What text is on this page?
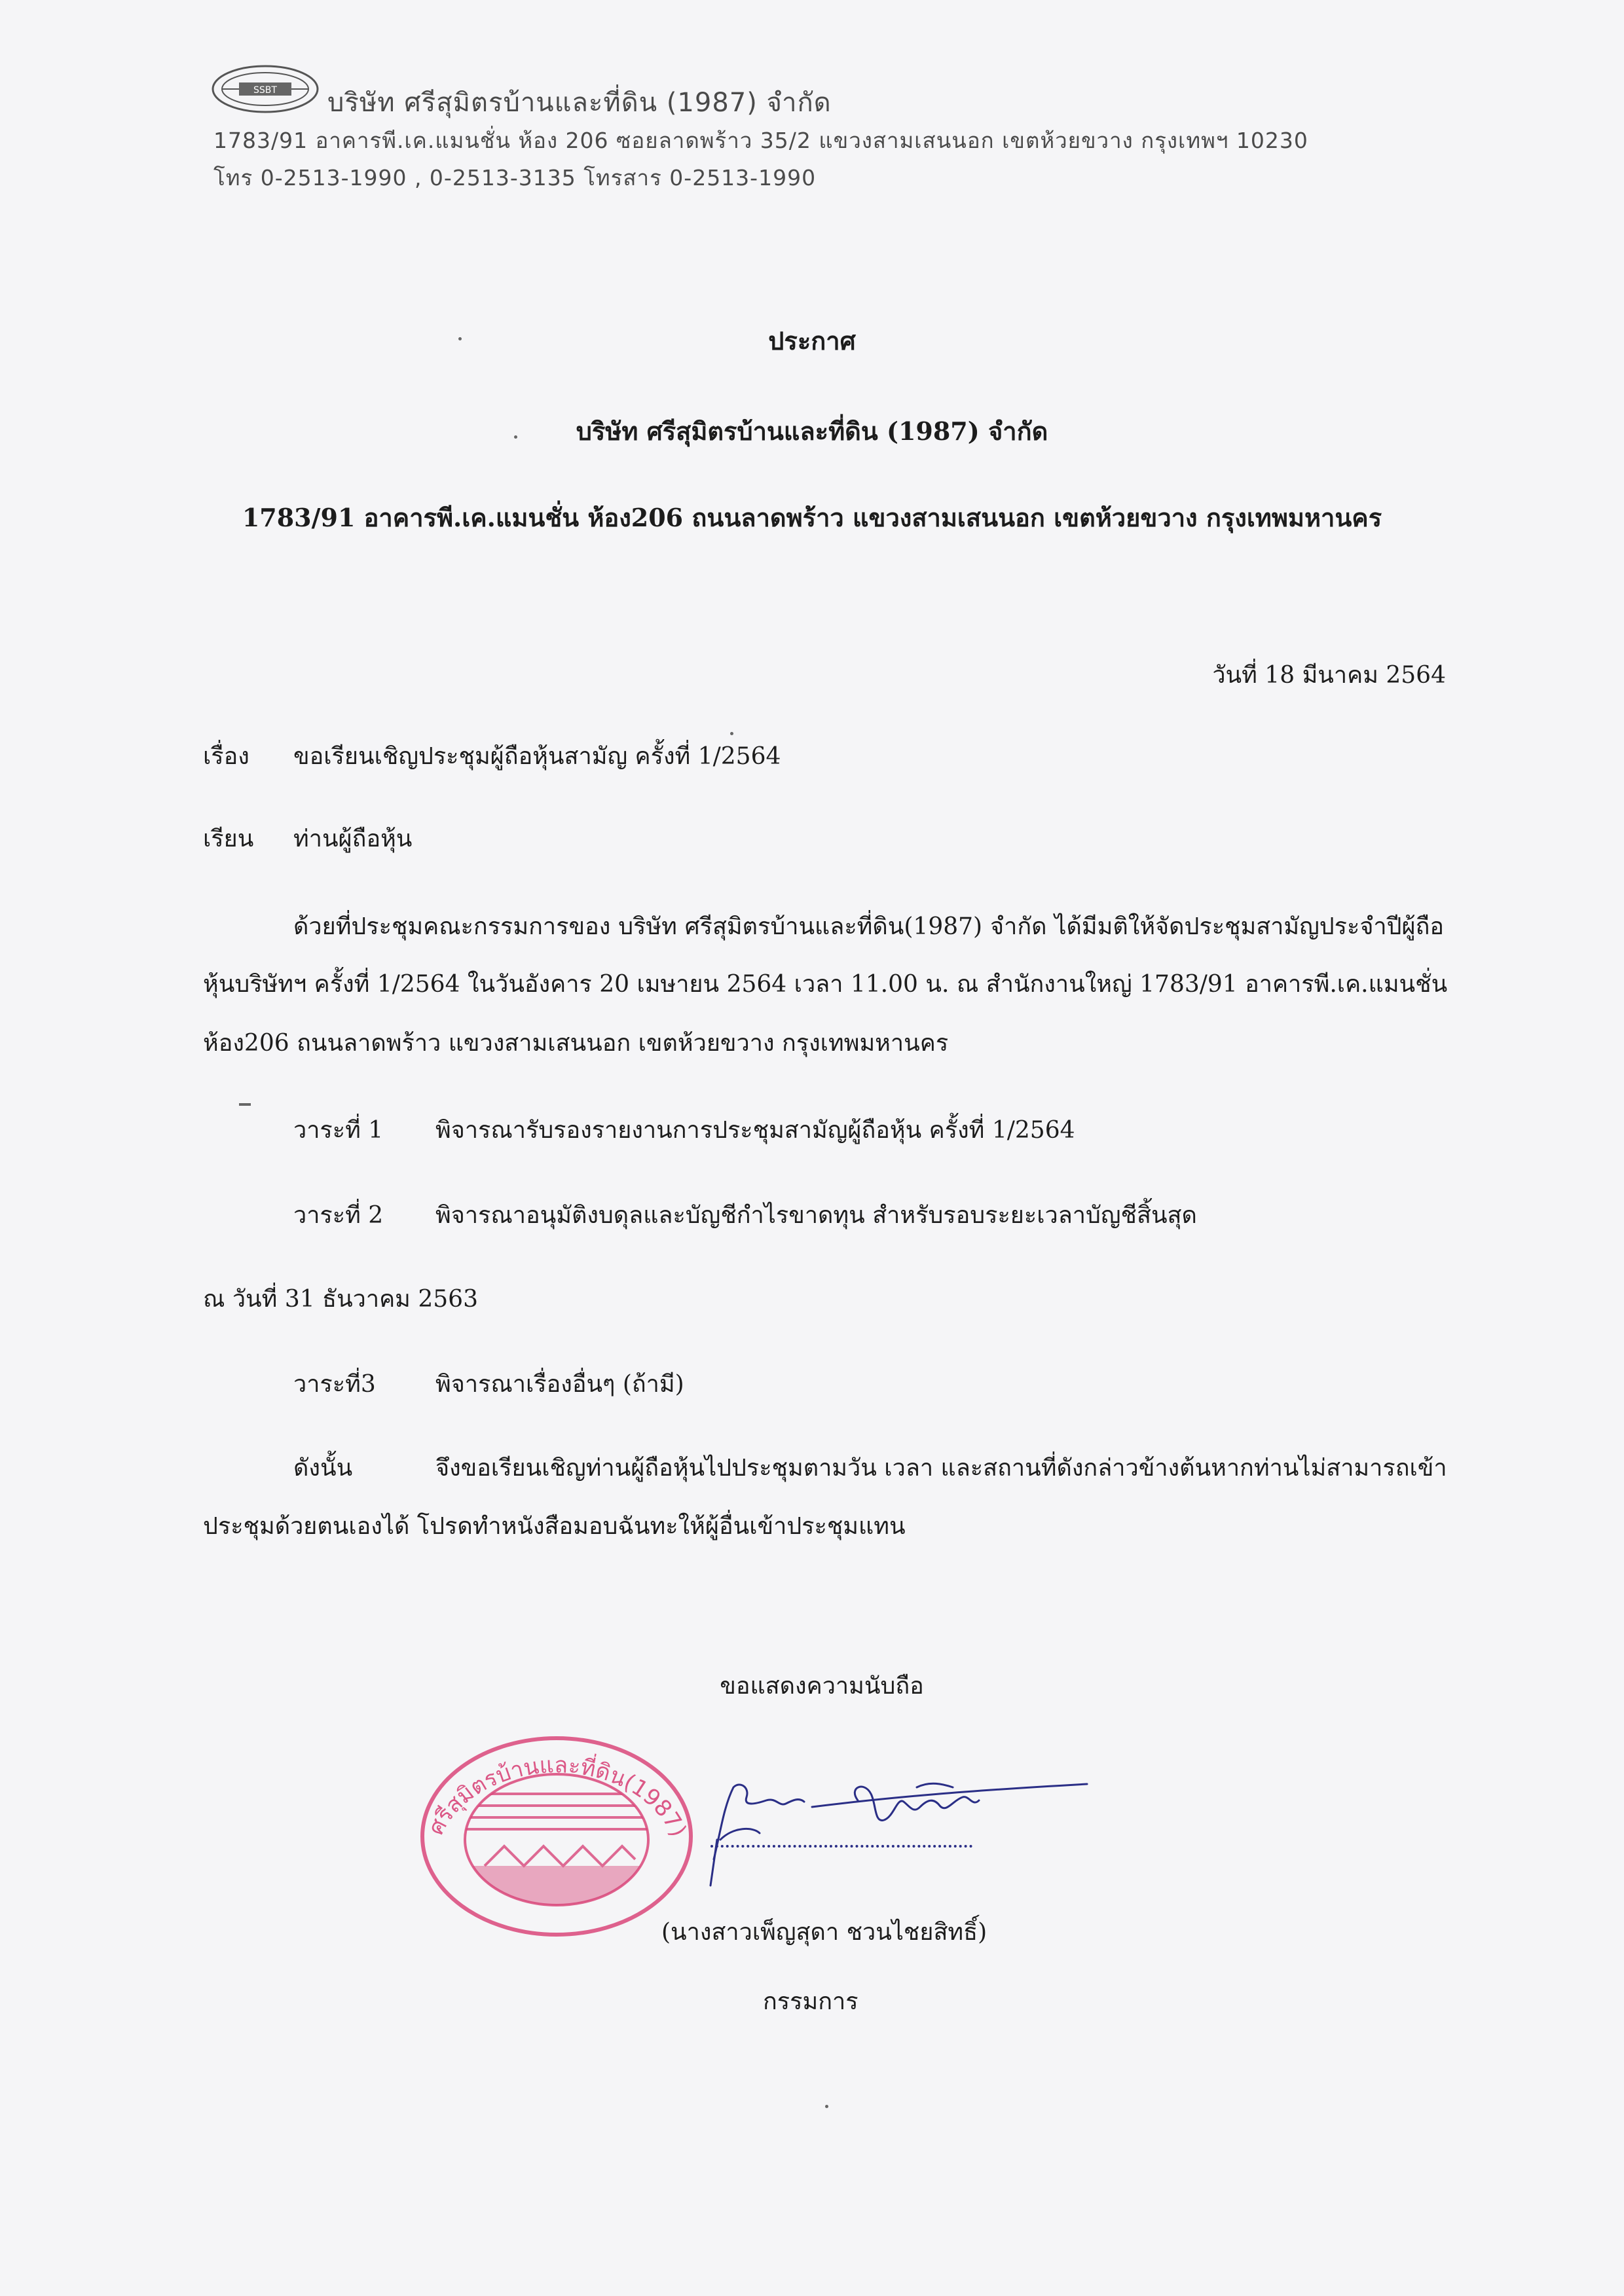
SSBT บริษัท ศรีสุมิตรบ้านและที่ดิน (1987) จำกัด
1783/91 อาคารพี.เค.แมนชั่น ห้อง 206 ซอยลาดพร้าว 35/2 แขวงสามเสนนอก เขตห้วยขวาง กรุงเทพฯ 10230
โทร 0-2513-1990 , 0-2513-3135 โทรสาร 0-2513-1990
ประกาศ
บริษัท ศรีสุมิตรบ้านและที่ดิน (1987) จำกัด
1783/91 อาคารพี.เค.แมนชั่น ห้อง206 ถนนลาดพร้าว แขวงสามเสนนอก เขตห้วยขวาง กรุงเทพมหานคร
วันที่ 18 มีนาคม 2564
เรื่อง ขอเรียนเชิญประชุมผู้ถือหุ้นสามัญ ครั้งที่ 1/2564
เรียน ท่านผู้ถือหุ้น
ด้วยที่ประชุมคณะกรรมการของ บริษัท ศรีสุมิตรบ้านและที่ดิน(1987) จำกัด ได้มีมติให้จัดประชุมสามัญประจำปีผู้ถือ
หุ้นบริษัทฯ ครั้งที่ 1/2564 ในวันอังคาร 20 เมษายน 2564 เวลา 11.00 น. ณ สำนักงานใหญ่ 1783/91 อาคารพี.เค.แมนชั่น
ห้อง206 ถนนลาดพร้าว แขวงสามเสนนอก เขตห้วยขวาง กรุงเทพมหานคร
วาระที่ 1 พิจารณารับรองรายงานการประชุมสามัญผู้ถือหุ้น ครั้งที่ 1/2564
วาระที่ 2 พิจารณาอนุมัติงบดุลและบัญชีกำไรขาดทุน สำหรับรอบระยะเวลาบัญชีสิ้นสุด
ณ วันที่ 31 ธันวาคม 2563
วาระที่3	พิจารณาเรื่องอื่นๆ (ถ้ามี)
ดังนั้น	จึงขอเรียนเชิญท่านผู้ถือหุ้นไปประชุมตามวัน เวลา และสถานที่ดังกล่าวข้างต้นหากท่านไม่สามารถเข้า
ประชุมด้วยตนเองได้ โปรดทำหนังสือมอบฉันทะให้ผู้อื่นเข้าประชุมแทน
ขอแสดงความนับถือ
ศรีสุมิตรบ้านและที่ดิน(1987)
(นางสาวเพ็ญสุดา ชวนไชยสิทธิ์)
กรรมการ
